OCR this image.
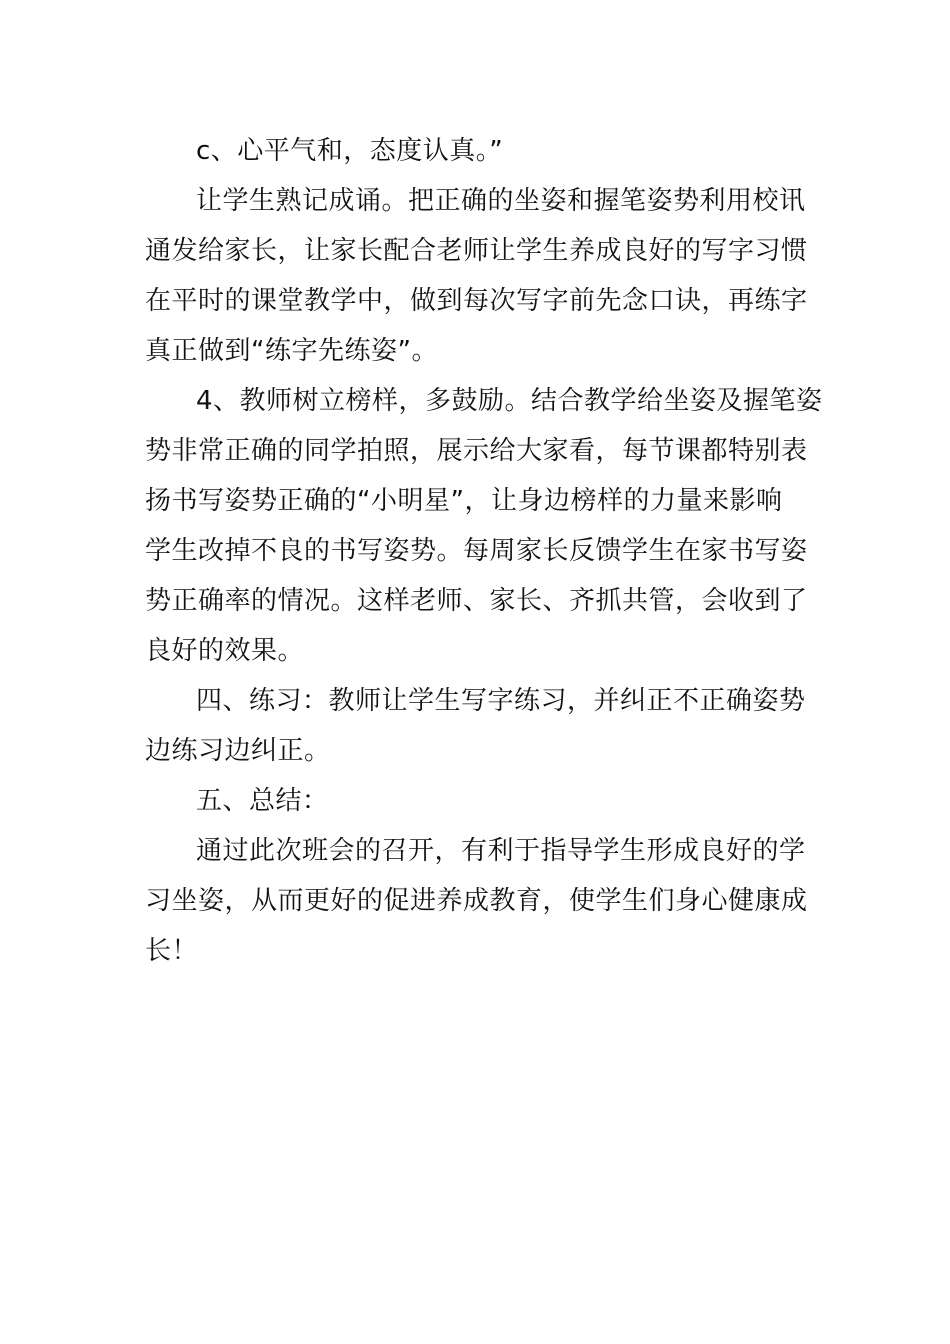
c、心平气和，态度认真。”
让学生熟记成诵。把正确的坐姿和握笔姿势利用校讯
通发给家长，让家长配合老师让学生养成良好的写字习惯
在平时的课堂教学中，做到每次写字前先念口诀，再练字
真正做到“练字先练姿”。
4、教师树立榜样，多鼓励。结合教学给坐姿及握笔姿
势非常正确的同学拍照，展示给大家看，每节课都特别表
扬书写姿势正确的“小明星”，让身边榜样的力量来影响
学生改掉不良的书写姿势。每周家长反馈学生在家书写姿
势正确率的情况。这样老师、家长、齐抓共管，会收到了
良好的效果。
四、练习：教师让学生写字练习，并纠正不正确姿势
边练习边纠正。
五、总结：
通过此次班会的召开，有利于指导学生形成良好的学
习坐姿，从而更好的促进养成教育，使学生们身心健康成
长！
